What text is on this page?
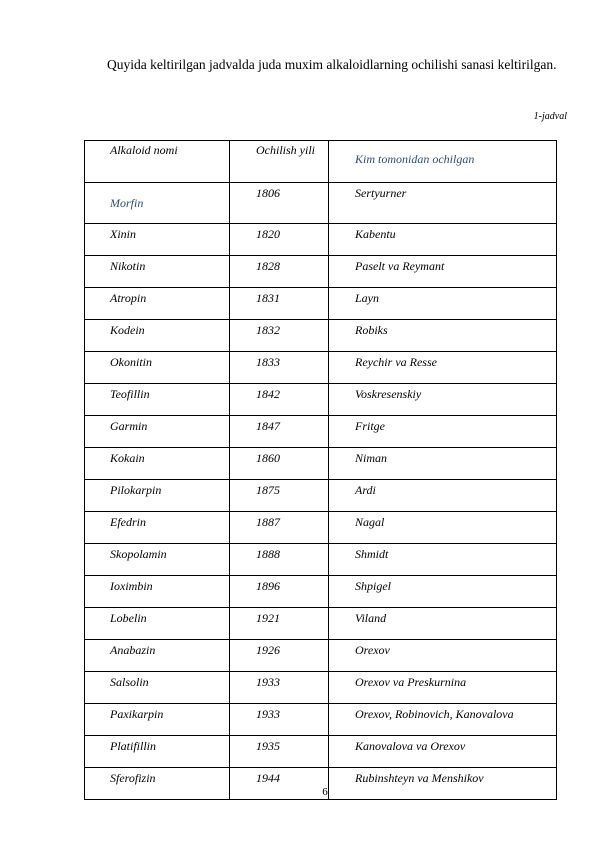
Quyida keltirilgan jadvalda juda muxim alkaloidlarning ochilishi sanasi keltirilgan.

1-jadval
Alkaloid nomi	Ochilish yili	Kim tomonidan ochilgan
Morfin	1806	Sertyurner
Xinin	1820	Kabentu
Nikotin	1828	Paselt va Reymant
Atropin	1831	Layn
Kodein	1832	Robiks
Okonitin	1833	Reychir va Resse
Teofillin	1842	Voskresenskiy
Garmin	1847	Fritge
Kokain	1860	Niman
Pilokarpin	1875	Ardi
Efedrin	1887	Nagal
Skopolamin	1888	Shmidt
Ioximbin	1896	Shpigel
Lobelin	1921	Viland
Anabazin	1926	Orexov
Salsolin	1933	Orexov va Preskurnina
Paxikarpin	1933	Orexov, Robinovich, Kanovalova
Platifillin	1935	Kanovalova va Orexov
Sferofizin	1944	Rubinshteyn va Menshikov
6
